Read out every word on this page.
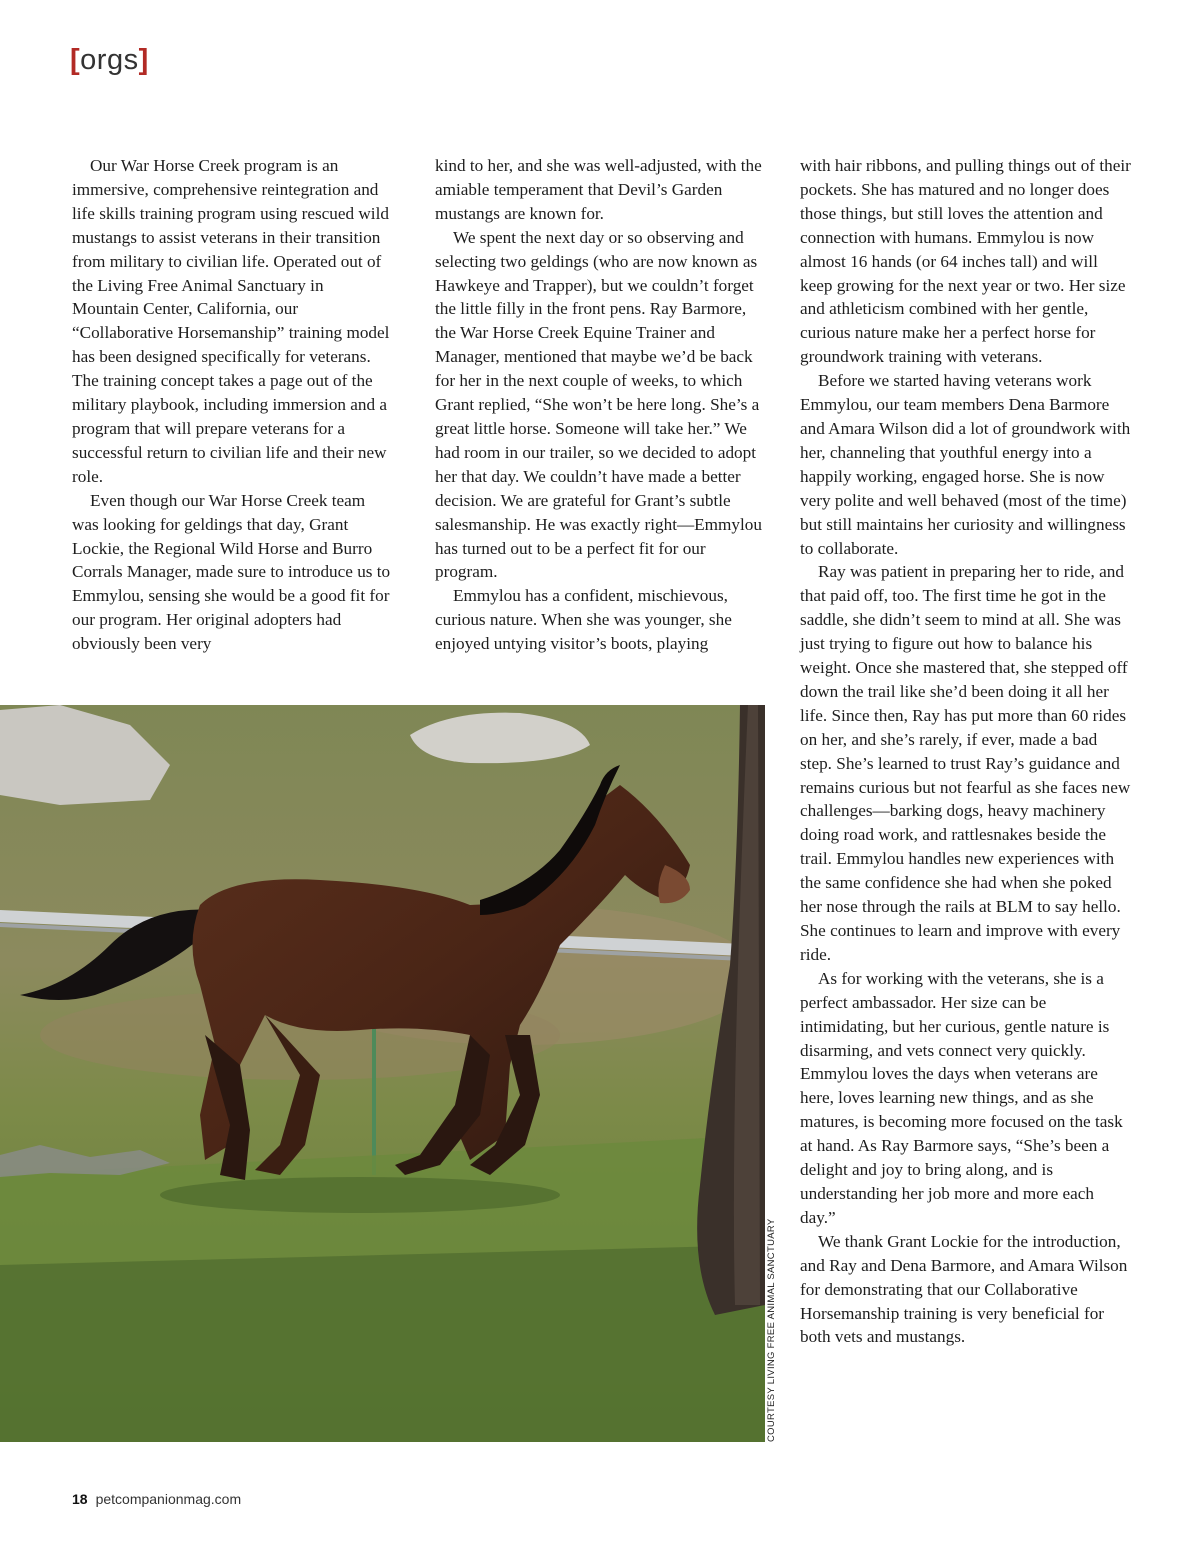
[orgs]

Our War Horse Creek program is an immersive, comprehensive reintegration and life skills training program using rescued wild mustangs to assist veterans in their transition from military to civilian life. Operated out of the Living Free Animal Sanctuary in Mountain Center, California, our “Collaborative Horsemanship” training model has been designed specifically for veterans. The training concept takes a page out of the military playbook, including immersion and a program that will prepare veterans for a successful return to civilian life and their new role.

Even though our War Horse Creek team was looking for geldings that day, Grant Lockie, the Regional Wild Horse and Burro Corrals Manager, made sure to introduce us to Emmylou, sensing she would be a good fit for our program. Her original adopters had obviously been very

kind to her, and she was well-adjusted, with the amiable temperament that Devil’s Garden mustangs are known for.

We spent the next day or so observing and selecting two geldings (who are now known as Hawkeye and Trapper), but we couldn’t forget the little filly in the front pens. Ray Barmore, the War Horse Creek Equine Trainer and Manager, mentioned that maybe we’d be back for her in the next couple of weeks, to which Grant replied, “She won’t be here long. She’s a great little horse. Someone will take her.” We had room in our trailer, so we decided to adopt her that day. We couldn’t have made a better decision. We are grateful for Grant’s subtle salesmanship. He was exactly right—Emmylou has turned out to be a perfect fit for our program.

Emmylou has a confident, mischievous, curious nature. When she was younger, she enjoyed untying visitor’s boots, playing

with hair ribbons, and pulling things out of their pockets. She has matured and no longer does those things, but still loves the attention and connection with humans. Emmylou is now almost 16 hands (or 64 inches tall) and will keep growing for the next year or two. Her size and athleticism combined with her gentle, curious nature make her a perfect horse for groundwork training with veterans.

Before we started having veterans work Emmylou, our team members Dena Barmore and Amara Wilson did a lot of groundwork with her, channeling that youthful energy into a happily working, engaged horse. She is now very polite and well behaved (most of the time) but still maintains her curiosity and willingness to collaborate.

Ray was patient in preparing her to ride, and that paid off, too. The first time he got in the saddle, she didn’t seem to mind at all. She was just trying to figure out how to balance his weight. Once she mastered that, she stepped off down the trail like she’d been doing it all her life. Since then, Ray has put more than 60 rides on her, and she’s rarely, if ever, made a bad step. She’s learned to trust Ray’s guidance and remains curious but not fearful as she faces new challenges—barking dogs, heavy machinery doing road work, and rattlesnakes beside the trail. Emmylou handles new experiences with the same confidence she had when she poked her nose through the rails at BLM to say hello. She continues to learn and improve with every ride.

As for working with the veterans, she is a perfect ambassador. Her size can be intimidating, but her curious, gentle nature is disarming, and vets connect very quickly. Emmylou loves the days when veterans are here, loves learning new things, and as she matures, is becoming more focused on the task at hand. As Ray Barmore says, “She’s been a delight and joy to bring along, and is understanding her job more and more each day.”

We thank Grant Lockie for the introduction, and Ray and Dena Barmore, and Amara Wilson for demonstrating that our Collaborative Horsemanship training is very beneficial for both vets and mustangs.

COURTESY LIVING FREE ANIMAL SANCTUARY
18 petcompanionmag.com
